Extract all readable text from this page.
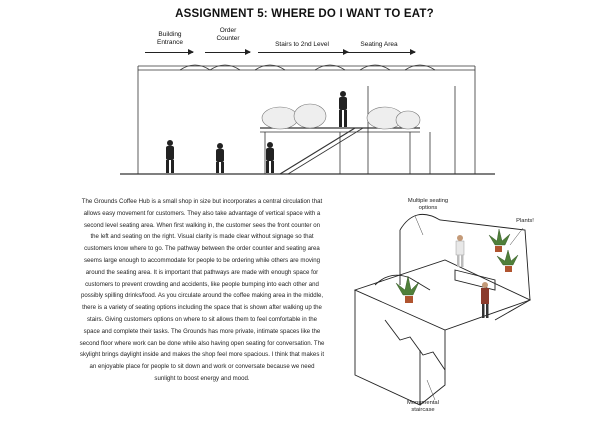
ASSIGNMENT 5: WHERE DO I WANT TO EAT?
Building
Entrance
Order
Counter
Stairs to 2nd Level	Seating Area
The Grounds Coffee Hub is a small shop in size but incorporates a central circulation that
allows easy movement for customers. They also take advantage of vertical space with a
second level seating area. When first walking in, the customer sees the front counter on
the left and seating on the right. Visual clarity is made clear without signage so that
customers know where to go. The pathway between the order counter and seating area
seems large enough to accommodate for people to be ordering while others are moving
around the seating area. It is important that pathways are made with enough space for
customers to prevent crowding and accidents, like people bumping into each other and
possibly spilling drinks/food. As you circulate around the coffee making area in the middle,
there is a variety of seating options including the space that is shown after walking up the
stairs. Giving customers options on where to sit allows them to feel comfortable in the
space and complete their tasks. The Grounds has more private, intimate spaces like the
second floor where work can be done while also having open seating for conversation. The
skylight brings daylight inside and makes the shop feel more spacious. I think that makes it
an enjoyable place for people to sit down and work or conversate because we need
sunlight to boost energy and mood.
Multiple seating
options
Plants!
Monumental
staircase
